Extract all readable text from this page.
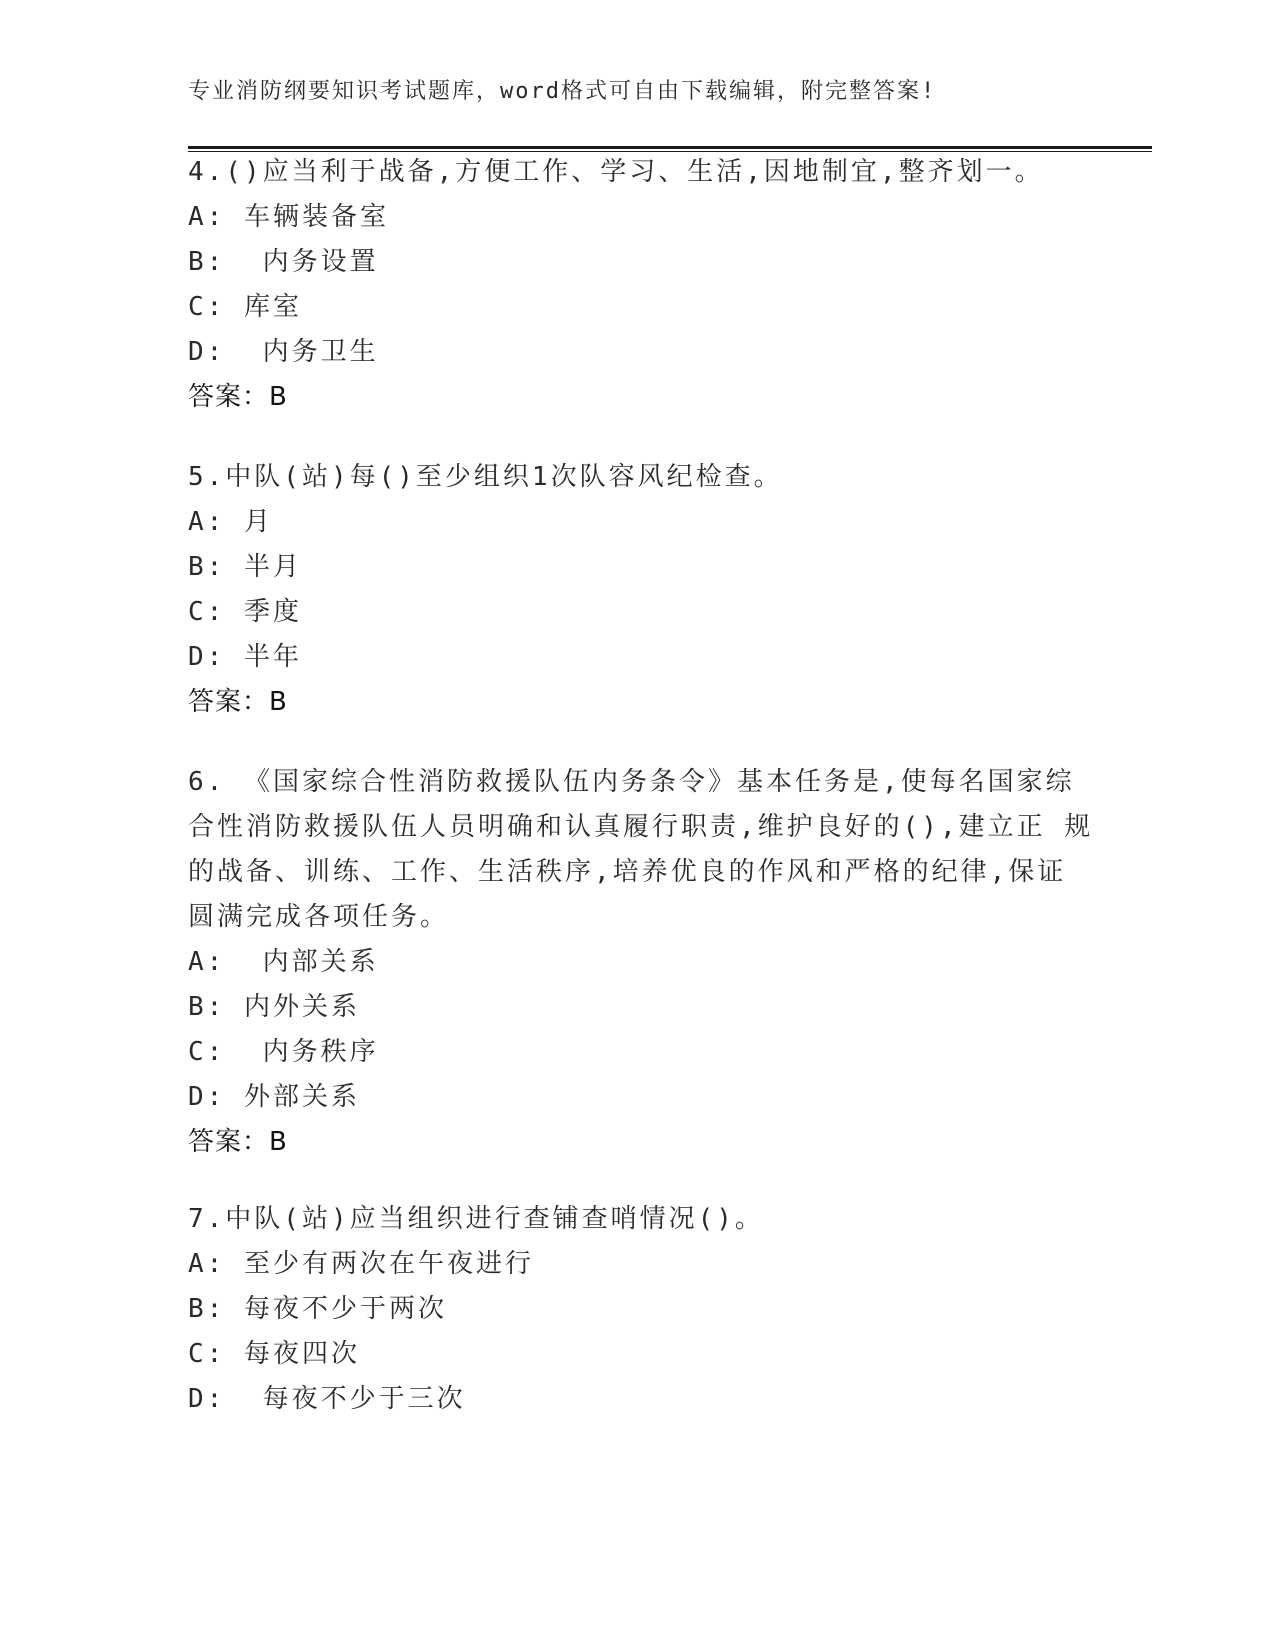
专业消防纲要知识考试题库，word格式可自由下载编辑，附完整答案!
4.()应当利于战备,方便工作、学习、生活,因地制宜,整齐划一。
A: 车辆装备室
B:  内务设置
C: 库室
D:  内务卫生
答案：B
5.中队(站)每()至少组织1次队容风纪检查。
A: 月
B: 半月
C: 季度
D: 半年
答案：B
6. 《国家综合性消防救援队伍内务条令》基本任务是,使每名国家综
合性消防救援队伍人员明确和认真履行职责,维护良好的(),建立正 规
的战备、训练、工作、生活秩序,培养优良的作风和严格的纪律,保证
圆满完成各项任务。
A:  内部关系
B: 内外关系
C:  内务秩序
D: 外部关系
答案：B
7.中队(站)应当组织进行查铺查哨情况()。
A: 至少有两次在午夜进行
B: 每夜不少于两次
C: 每夜四次
D:  每夜不少于三次
